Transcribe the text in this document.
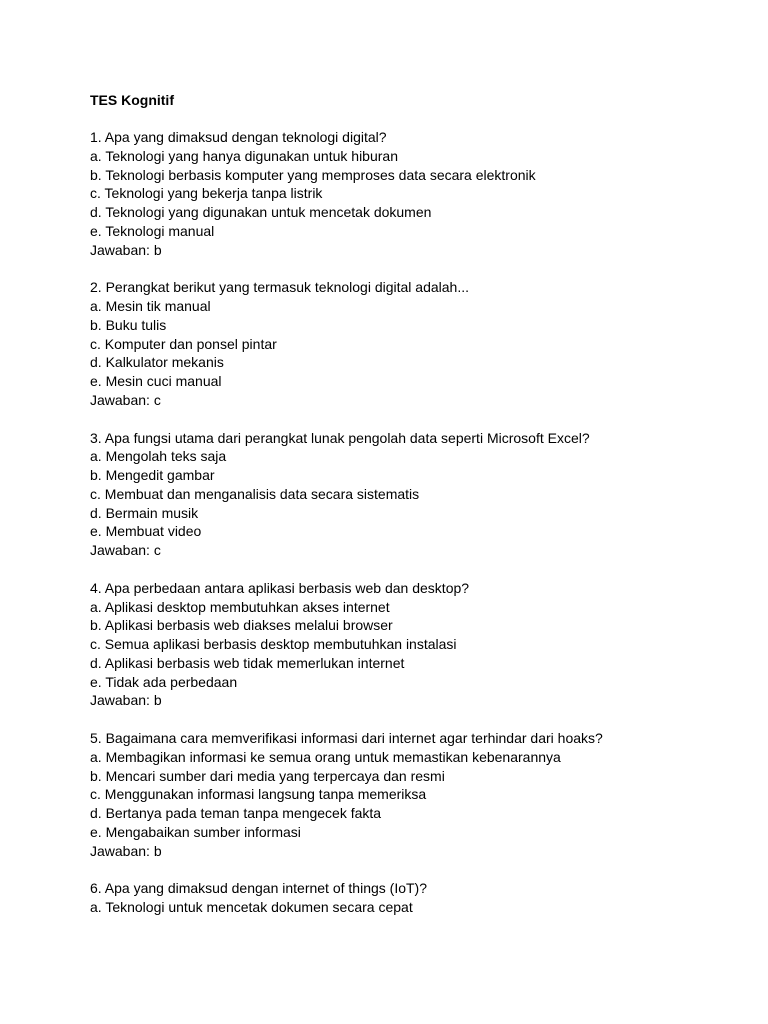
TES Kognitif
1. Apa yang dimaksud dengan teknologi digital?
a. Teknologi yang hanya digunakan untuk hiburan
b. Teknologi berbasis komputer yang memproses data secara elektronik
c. Teknologi yang bekerja tanpa listrik
d. Teknologi yang digunakan untuk mencetak dokumen
e. Teknologi manual
Jawaban: b
2. Perangkat berikut yang termasuk teknologi digital adalah...
a. Mesin tik manual
b. Buku tulis
c. Komputer dan ponsel pintar
d. Kalkulator mekanis
e. Mesin cuci manual
Jawaban: c
3. Apa fungsi utama dari perangkat lunak pengolah data seperti Microsoft Excel?
a. Mengolah teks saja
b. Mengedit gambar
c. Membuat dan menganalisis data secara sistematis
d. Bermain musik
e. Membuat video
Jawaban: c
4. Apa perbedaan antara aplikasi berbasis web dan desktop?
a. Aplikasi desktop membutuhkan akses internet
b. Aplikasi berbasis web diakses melalui browser
c. Semua aplikasi berbasis desktop membutuhkan instalasi
d. Aplikasi berbasis web tidak memerlukan internet
e. Tidak ada perbedaan
Jawaban: b
5. Bagaimana cara memverifikasi informasi dari internet agar terhindar dari hoaks?
a. Membagikan informasi ke semua orang untuk memastikan kebenarannya
b. Mencari sumber dari media yang terpercaya dan resmi
c. Menggunakan informasi langsung tanpa memeriksa
d. Bertanya pada teman tanpa mengecek fakta
e. Mengabaikan sumber informasi
Jawaban: b
6. Apa yang dimaksud dengan internet of things (IoT)?
a. Teknologi untuk mencetak dokumen secara cepat
